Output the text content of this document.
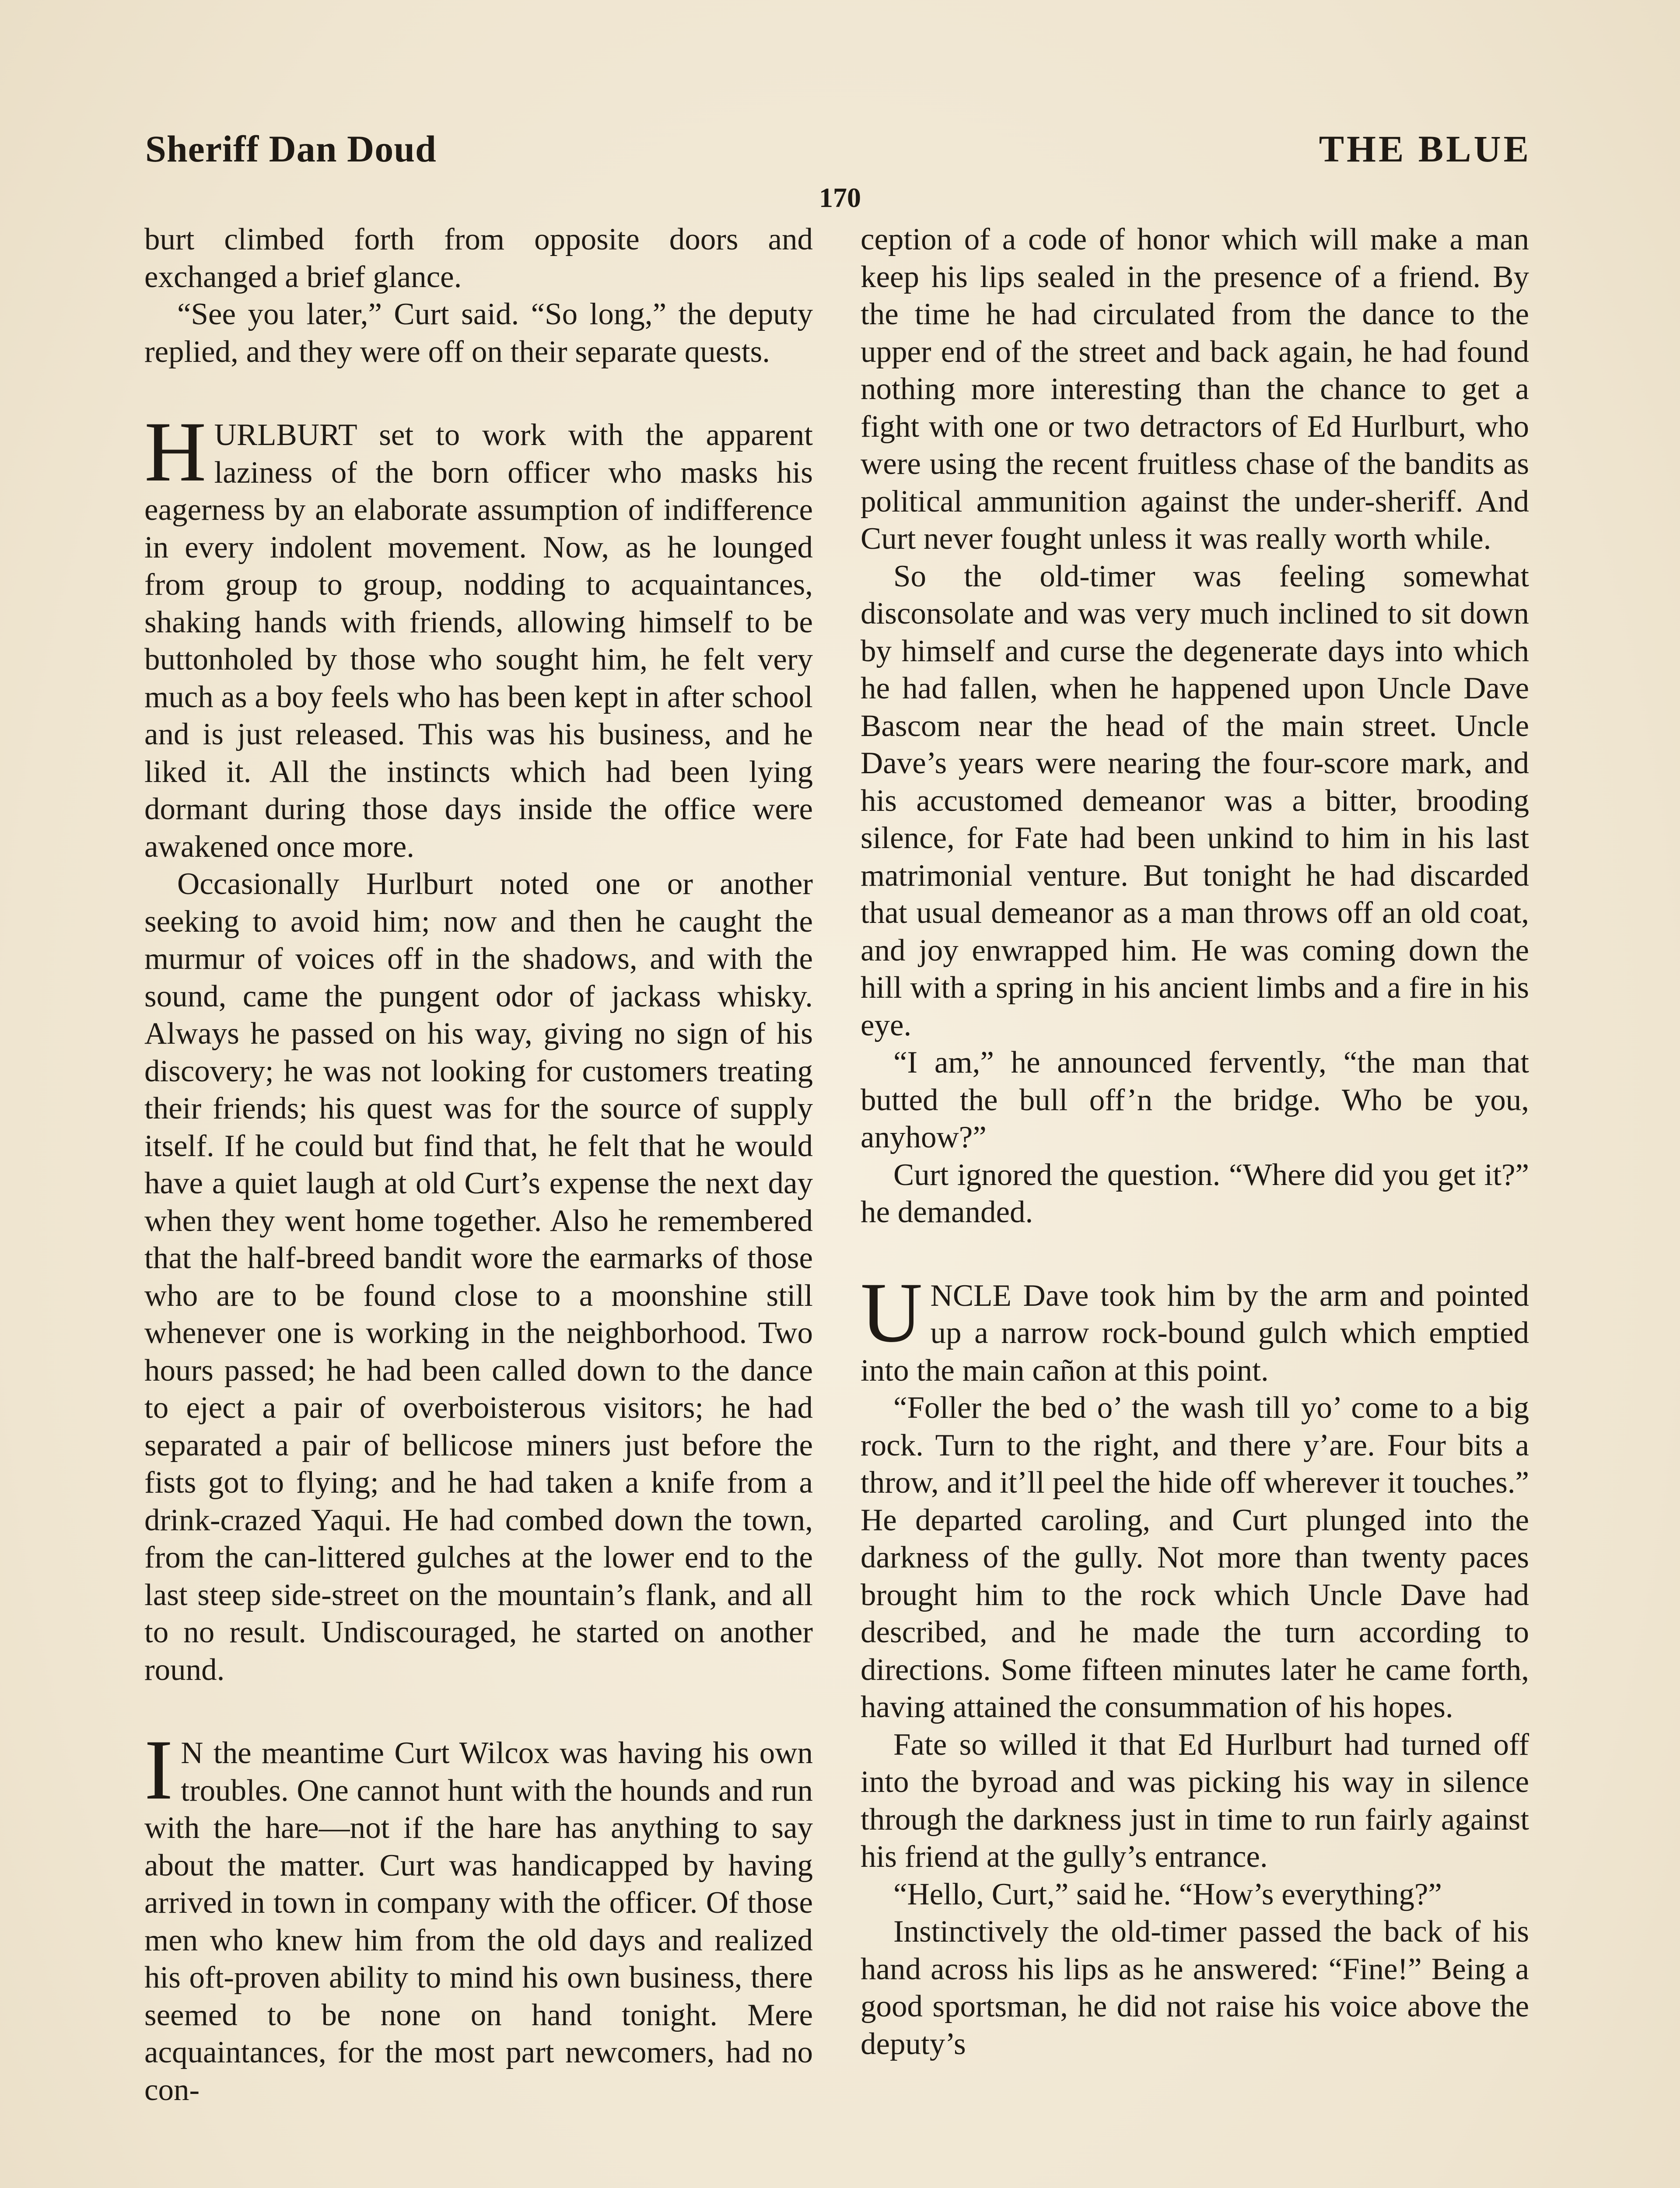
Sheriff Dan Doud	THE BLUE
170

burt climbed forth from opposite doors and exchanged a brief glance.

“See you later,” Curt said. “So long,” the deputy replied, and they were off on their separate quests.

HURLBURT set to work with the apparent laziness of the born officer who masks his eagerness by an elaborate assumption of indifference in every indolent movement. Now, as he lounged from group to group, nodding to acquaintances, shaking hands with friends, allowing himself to be buttonholed by those who sought him, he felt very much as a boy feels who has been kept in after school and is just released. This was his business, and he liked it. All the instincts which had been lying dormant during those days inside the office were awakened once more.

Occasionally Hurlburt noted one or another seeking to avoid him; now and then he caught the murmur of voices off in the shadows, and with the sound, came the pungent odor of jackass whisky. Always he passed on his way, giving no sign of his discovery; he was not looking for customers treating their friends; his quest was for the source of supply itself. If he could but find that, he felt that he would have a quiet laugh at old Curt’s expense the next day when they went home together. Also he remembered that the half-breed bandit wore the earmarks of those who are to be found close to a moonshine still whenever one is working in the neighborhood. Two hours passed; he had been called down to the dance to eject a pair of overboisterous visitors; he had separated a pair of bellicose miners just before the fists got to flying; and he had taken a knife from a drink-crazed Yaqui. He had combed down the town, from the can-littered gulches at the lower end to the last steep side-street on the mountain’s flank, and all to no result. Undiscouraged, he started on another round.

I N the meantime Curt Wilcox was having his own troubles. One cannot hunt with the hounds and run with the hare—not if the hare has anything to say about the matter. Curt was handicapped by having arrived in town in company with the officer. Of those men who knew him from the old days and realized his oft-proven ability to mind his own business, there seemed to be none on hand tonight. Mere acquaintances, for the most part newcomers, had no con-

ception of a code of honor which will make a man keep his lips sealed in the presence of a friend. By the time he had circulated from the dance to the upper end of the street and back again, he had found nothing more interesting than the chance to get a fight with one or two detractors of Ed Hurlburt, who were using the recent fruitless chase of the bandits as political ammunition against the under-sheriff. And Curt never fought unless it was really worth while.

So the old-timer was feeling somewhat disconsolate and was very much inclined to sit down by himself and curse the degenerate days into which he had fallen, when he happened upon Uncle Dave Bascom near the head of the main street. Uncle Dave’s years were nearing the four-score mark, and his accustomed demeanor was a bitter, brooding silence, for Fate had been unkind to him in his last matrimonial venture. But tonight he had discarded that usual demeanor as a man throws off an old coat, and joy enwrapped him. He was coming down the hill with a spring in his ancient limbs and a fire in his eye.

“I am,” he announced fervently, “the man that butted the bull off’n the bridge. Who be you, anyhow?”

Curt ignored the question. “Where did you get it?” he demanded.

UNCLE Dave took him by the arm and pointed up a narrow rock-bound gulch which emptied into the main cañon at this point.

“Foller the bed o’ the wash till yo’ come to a big rock. Turn to the right, and there y’are. Four bits a throw, and it’ll peel the hide off wherever it touches.” He departed caroling, and Curt plunged into the darkness of the gully. Not more than twenty paces brought him to the rock which Uncle Dave had described, and he made the turn according to directions. Some fifteen minutes later he came forth, having attained the consummation of his hopes.

Fate so willed it that Ed Hurlburt had turned off into the byroad and was picking his way in silence through the darkness just in time to run fairly against his friend at the gully’s entrance.

“Hello, Curt,” said he. “How’s everything?”

Instinctively the old-timer passed the back of his hand across his lips as he answered: “Fine!” Being a good sportsman, he did not raise his voice above the deputy’s
